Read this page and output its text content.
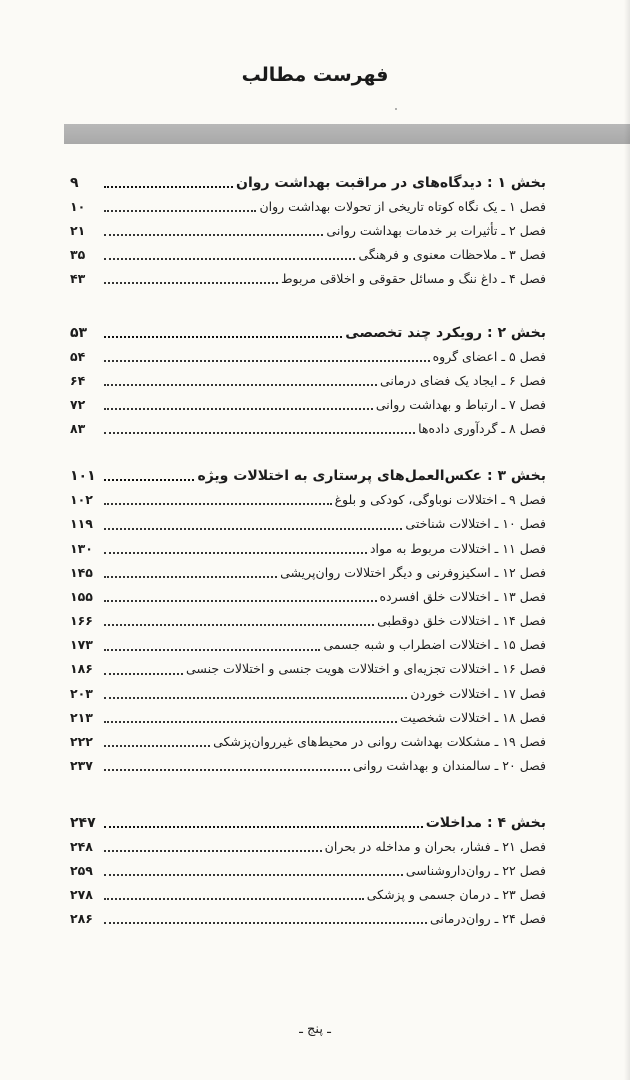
فهرست مطالب
بخش ۱ : دیدگاه‌های در مراقبت بهداشت روان
۹
فصل ۱ ـ یک نگاه کوتاه تاریخی از تحولات بهداشت روان
۱۰
فصل ۲ ـ تأثیرات بر خدمات بهداشت روانی
۲۱
فصل ۳ ـ ملاحظات معنوی و فرهنگی
۳۵
فصل ۴ ـ داغ ننگ و مسائل حقوقی و اخلاقی مربوط
۴۳
بخش ۲ : رویکرد چند تخصصی
۵۳
فصل ۵ ـ اعضای گروه
۵۴
فصل ۶ ـ ایجاد یک فضای درمانی
۶۴
فصل ۷ ـ ارتباط و بهداشت روانی
۷۲
فصل ۸ ـ گردآوری داده‌ها
۸۳
بخش ۳ : عکس‌العمل‌های پرستاری به اختلالات ویژه
۱۰۱
فصل ۹ ـ اختلالات نوباوگی، کودکی و بلوغ
۱۰۲
فصل ۱۰ ـ اختلالات شناختی
۱۱۹
فصل ۱۱ ـ اختلالات مربوط به مواد
۱۳۰
فصل ۱۲ ـ اسکیزوفرنی و دیگر اختلالات روان‌پریشی
۱۴۵
فصل ۱۳ ـ اختلالات خلق افسرده
۱۵۵
فصل ۱۴ ـ اختلالات خلق دوقطبی
۱۶۶
فصل ۱۵ ـ اختلالات اضطراب و شبه جسمی
۱۷۳
فصل ۱۶ ـ اختلالات تجزیه‌ای و اختلالات هویت جنسی و اختلالات جنسی
۱۸۶
فصل ۱۷ ـ اختلالات خوردن
۲۰۳
فصل ۱۸ ـ اختلالات شخصیت
۲۱۳
فصل ۱۹ ـ مشکلات بهداشت روانی در محیط‌های غیرروان‌پزشکی
۲۲۲
فصل ۲۰ ـ سالمندان و بهداشت روانی
۲۳۷
بخش ۴ : مداخلات
۲۴۷
فصل ۲۱ ـ فشار، بحران و مداخله در بحران
۲۴۸
فصل ۲۲ ـ روان‌داروشناسی
۲۵۹
فصل ۲۳ ـ درمان جسمی و پزشکی
۲۷۸
فصل ۲۴ ـ روان‌درمانی
۲۸۶
ـ پنج ـ
